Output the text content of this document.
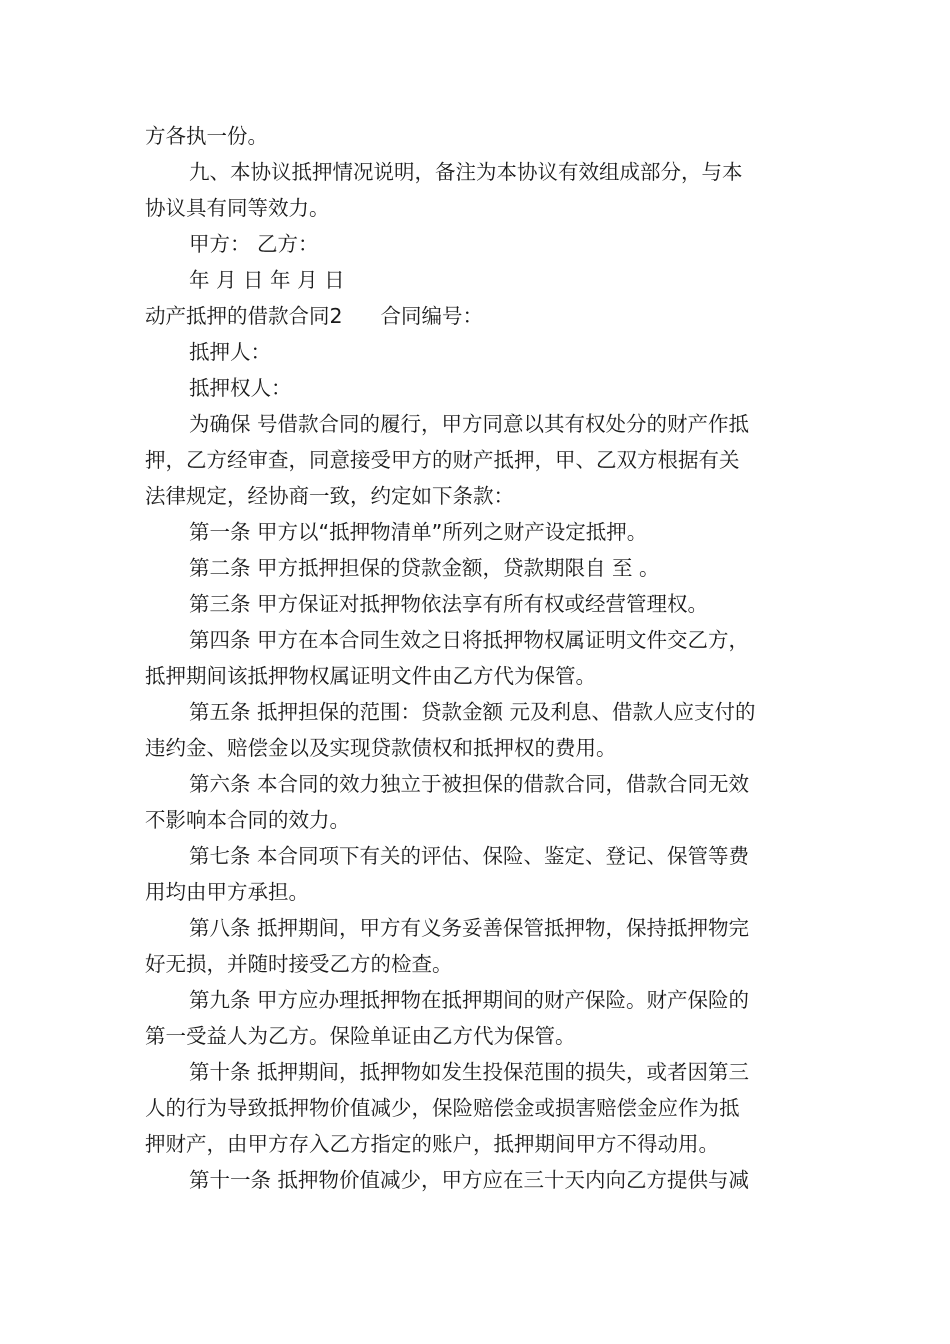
方各执一份。
九、本协议抵押情况说明，备注为本协议有效组成部分，与本
协议具有同等效力。
甲方： 乙方：
年 月 日 年 月 日
动产抵押的借款合同2 合同编号：
抵押人：
抵押权人：
为确保 号借款合同的履行，甲方同意以其有权处分的财产作抵
押，乙方经审查，同意接受甲方的财产抵押，甲、乙双方根据有关
法律规定，经协商一致，约定如下条款：
第一条 甲方以“抵押物清单”所列之财产设定抵押。
第二条 甲方抵押担保的贷款金额，贷款期限自 至 。
第三条 甲方保证对抵押物依法享有所有权或经营管理权。
第四条 甲方在本合同生效之日将抵押物权属证明文件交乙方，
抵押期间该抵押物权属证明文件由乙方代为保管。
第五条 抵押担保的范围：贷款金额 元及利息、借款人应支付的
违约金、赔偿金以及实现贷款债权和抵押权的费用。
第六条 本合同的效力独立于被担保的借款合同，借款合同无效
不影响本合同的效力。
第七条 本合同项下有关的评估、保险、鉴定、登记、保管等费
用均由甲方承担。
第八条 抵押期间，甲方有义务妥善保管抵押物，保持抵押物完
好无损，并随时接受乙方的检查。
第九条 甲方应办理抵押物在抵押期间的财产保险。财产保险的
第一受益人为乙方。保险单证由乙方代为保管。
第十条 抵押期间，抵押物如发生投保范围的损失，或者因第三
人的行为导致抵押物价值减少，保险赔偿金或损害赔偿金应作为抵
押财产，由甲方存入乙方指定的账户，抵押期间甲方不得动用。
第十一条 抵押物价值减少，甲方应在三十天内向乙方提供与减
